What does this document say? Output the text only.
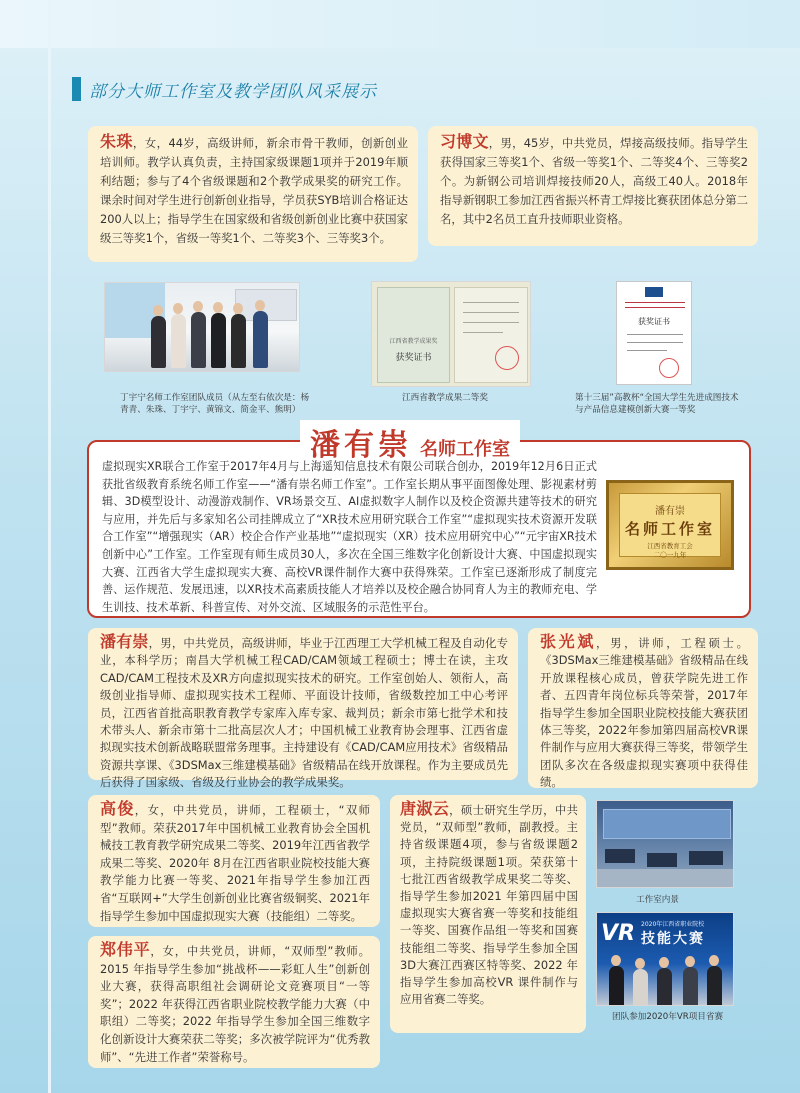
部分大师工作室及教学团队风采展示
朱珠，女，44岁，高级讲师，新余市骨干教师，创新创业培训师。教学认真负责，主持国家级课题1项并于2019年顺利结题；参与了4个省级课题和2个教学成果奖的研究工作。课余时间对学生进行创新创业指导，学员获SYB培训合格证达200人以上；指导学生在国家级和省级创新创业比赛中获国家级三等奖1个，省级一等奖1个、二等奖3个、三等奖3个。
习博文，男，45岁，中共党员，焊接高级技师。指导学生获得国家三等奖1个、省级一等奖1个、二等奖4个、三等奖2个。为新钢公司培训焊接技师20人，高级工40人。2018年指导新钢职工参加江西省振兴杯青工焊接比赛获团体总分第二名，其中2名员工直升技师职业资格。
丁宇宁名师工作室团队成员（从左至右依次是：杨青青、朱珠、丁宇宁、黄锦文、简金平、熊明）
江西省教学成果奖
获奖证书
江西省教学成果二等奖
获奖证书
第十三届”高教杯“全国大学生先进成图技术与产品信息建模创新大赛一等奖
潘有崇 名师工作室
虚拟现实XR联合工作室于2017年4月与上海遥知信息技术有限公司联合创办，2019年12月6日正式获批省级教育系统名师工作室——“潘有崇名师工作室”。工作室长期从事平面图像处理、影视素材剪辑、3D模型设计、动漫游戏制作、VR场景交互、AI虚拟数字人制作以及校企资源共建等技术的研究与应用，并先后与多家知名公司挂牌成立了“XR技术应用研究联合工作室”“虚拟现实技术资源开发联合工作室”“增强现实（AR）校企合作产业基地”“虚拟现实（XR）技术应用研究中心”“元宇宙XR技术创新中心”工作室。工作室现有师生成员30人，多次在全国三维数字化创新设计大赛、中国虚拟现实大赛、江西省大学生虚拟现实大赛、高校VR课件制作大赛中获得殊荣。工作室已逐渐形成了制度完善、运作规范、发展迅速，以XR技术高素质技能人才培养以及校企融合协同育人为主的教师充电、学生训技、技术革新、科普宣传、对外交流、区域服务的示范性平台。
潘有崇
名师工作室
江西省教育工会
二〇一九年
潘有崇，男，中共党员，高级讲师，毕业于江西理工大学机械工程及自动化专业，本科学历；南昌大学机械工程CAD/CAM领域工程硕士；博士在读，主攻CAD/CAM工程技术及XR方向虚拟现实技术的研究。工作室创始人、领衔人，高级创业指导师、虚拟现实技术工程师、平面设计技师，省级数控加工中心考评员，江西省首批高职教育教学专家库入库专家、裁判员；新余市第七批学术和技术带头人、新余市第十二批高层次人才；中国机械工业教育协会理事、江西省虚拟现实技术创新战略联盟常务理事。主持建设有《CAD/CAM应用技术》省级精品资源共享课、《3DSMax三维建模基础》省级精品在线开放课程。作为主要成员先后获得了国家级、省级及行业协会的教学成果奖。
张光斌，男，讲师，工程硕士。《3DSMax三维建模基础》省级精品在线开放课程核心成员，曾获学院先进工作者、五四青年岗位标兵等荣誉，2017年指导学生参加全国职业院校技能大赛获团体三等奖，2022年参加第四届高校VR课件制作与应用大赛获得三等奖，带领学生团队多次在各级虚拟现实赛项中获得佳绩。
高俊，女，中共党员，讲师，工程硕士，“双师型”教师。荣获2017年中国机械工业教育协会全国机械技工教育教学研究成果二等奖、2019年江西省教学成果二等奖、2020年 8月在江西省职业院校技能大赛教学能力比赛一等奖、2021年指导学生参加江西省“互联网+”大学生创新创业比赛省级铜奖、2021年指导学生参加中国虚拟现实大赛（技能组）二等奖。
唐淑云，硕士研究生学历，中共党员，“双师型”教师，副教授。主持省级课题4项，参与省级课题2项，主持院级课题1项。荣获第十七批江西省级教学成果奖二等奖、指导学生参加2021 年第四届中国虚拟现实大赛省赛一等奖和技能组一等奖、国赛作品组一等奖和国赛技能组二等奖、指导学生参加全国3D大赛江西赛区特等奖、2022 年指导学生参加高校VR 课件制作与应用省赛二等奖。
郑伟平，女，中共党员，讲师，“双师型”教师。2015 年指导学生参加“挑战杯——彩虹人生”创新创业大赛，获得高职组社会调研论文竞赛项目“一等奖”；2022 年获得江西省职业院校教学能力大赛（中职组）二等奖；2022 年指导学生参加全国三维数字化创新设计大赛荣获二等奖；多次被学院评为“优秀教师”、“先进工作者”荣誉称号。
工作室内景
VR 2020年江西省职业院校
技能大赛
团队参加2020年VR项目省赛
